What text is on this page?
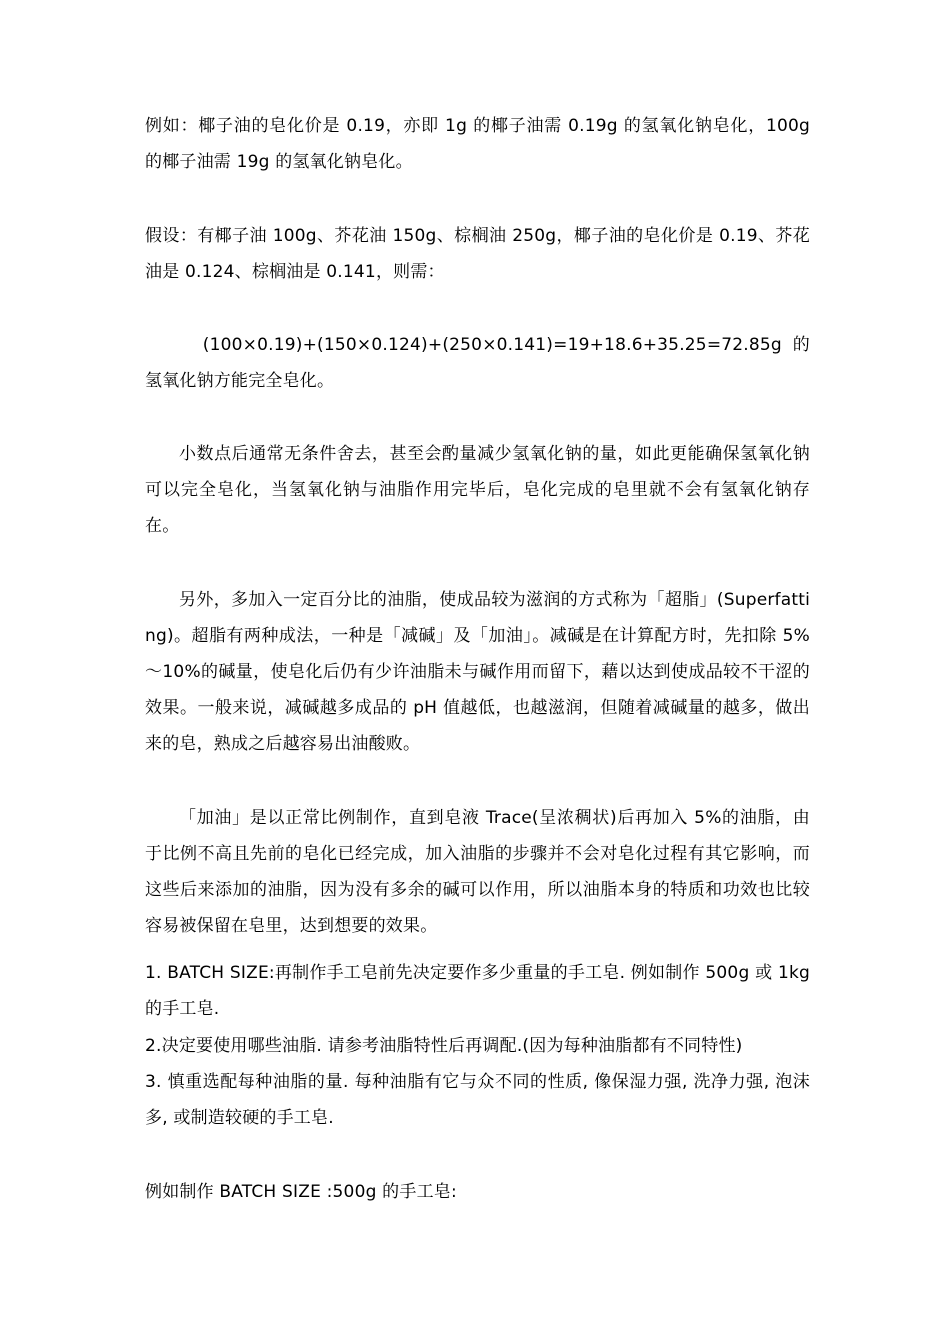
例如：椰子油的皂化价是 0.19，亦即 1g 的椰子油需 0.19g 的氢氧化钠皂化，100g 的椰子油需 19g 的氢氧化钠皂化。
假设：有椰子油 100g、芥花油 150g、棕榈油 250g，椰子油的皂化价是 0.19、芥花油是 0.124、棕榈油是 0.141，则需：
(100×0.19)+(150×0.124)+(250×0.141)=19+18.6+35.25=72.85g 的氢氧化钠方能完全皂化。
小数点后通常无条件舍去，甚至会酌量减少氢氧化钠的量，如此更能确保氢氧化钠可以完全皂化，当氢氧化钠与油脂作用完毕后，皂化完成的皂里就不会有氢氧化钠存在。
另外，多加入一定百分比的油脂，使成品较为滋润的方式称为「超脂」(Superfatting)。超脂有两种成法，一种是「减碱」及「加油」。减碱是在计算配方时，先扣除 5%～10%的碱量，使皂化后仍有少许油脂未与碱作用而留下，藉以达到使成品较不干涩的效果。一般来说，减碱越多成品的 pH 值越低，也越滋润，但随着减碱量的越多，做出来的皂，熟成之后越容易出油酸败。
「加油」是以正常比例制作，直到皂液 Trace(呈浓稠状)后再加入 5%的油脂，由于比例不高且先前的皂化已经完成，加入油脂的步骤并不会对皂化过程有其它影响，而这些后来添加的油脂，因为没有多余的碱可以作用，所以油脂本身的特质和功效也比较容易被保留在皂里，达到想要的效果。
1. BATCH SIZE:再制作手工皂前先决定要作多少重量的手工皂. 例如制作 500g 或 1kg 的手工皂.
2.决定要使用哪些油脂. 请参考油脂特性后再调配.(因为每种油脂都有不同特性)
3. 慎重选配每种油脂的量. 每种油脂有它与众不同的性质, 像保湿力强, 洗净力强, 泡沫多, 或制造较硬的手工皂.
例如制作 BATCH SIZE :500g 的手工皂:
